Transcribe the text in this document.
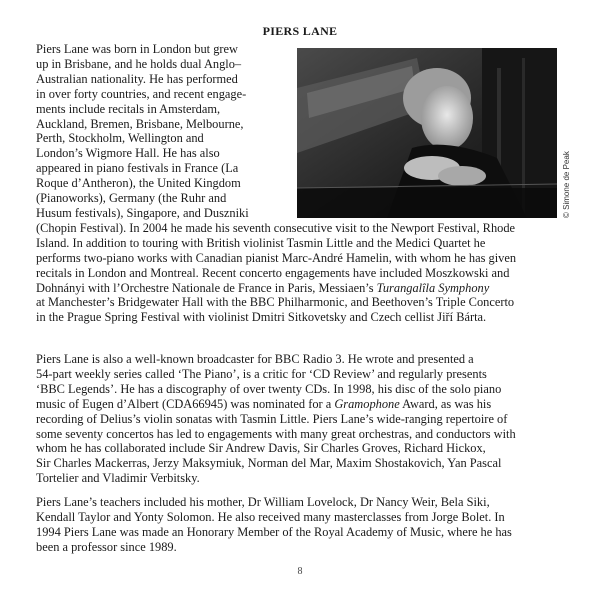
PIERS LANE
© Simone de Peak
Piers Lane was born in London but grew
up in Brisbane, and he holds dual Anglo–
Australian nationality. He has performed
in over forty countries, and recent engage-
ments include recitals in Amsterdam,
Auckland, Bremen, Brisbane, Melbourne,
Perth, Stockholm, Wellington and
London’s Wigmore Hall. He has also
appeared in piano festivals in France (La
Roque d’Antheron), the United Kingdom
(Pianoworks), Germany (the Ruhr and
Husum festivals), Singapore, and Duszniki
(Chopin Festival). In 2004 he made his seventh consecutive visit to the Newport Festival, Rhode
Island. In addition to touring with British violinist Tasmin Little and the Medici Quartet he
performs two-piano works with Canadian pianist Marc-André Hamelin, with whom he has given
recitals in London and Montreal. Recent concerto engagements have included Moszkowski and
Dohnányi with l’Orchestre Nationale de France in Paris, Messiaen’s Turangalîla Symphony
at Manchester’s Bridgewater Hall with the BBC Philharmonic, and Beethoven’s Triple Concerto
in the Prague Spring Festival with violinist Dmitri Sitkovetsky and Czech cellist Jiří Bárta.
Piers Lane is also a well-known broadcaster for BBC Radio 3. He wrote and presented a
54-part weekly series called ‘The Piano’, is a critic for ‘CD Review’ and regularly presents
‘BBC Legends’. He has a discography of over twenty CDs. In 1998, his disc of the solo piano
music of Eugen d’Albert (CDA66945) was nominated for a Gramophone Award, as was his
recording of Delius’s violin sonatas with Tasmin Little. Piers Lane’s wide-ranging repertoire of
some seventy concertos has led to engagements with many great orchestras, and conductors with
whom he has collaborated include Sir Andrew Davis, Sir Charles Groves, Richard Hickox,
Sir Charles Mackerras, Jerzy Maksymiuk, Norman del Mar, Maxim Shostakovich, Yan Pascal
Tortelier and Vladimir Verbitsky.
Piers Lane’s teachers included his mother, Dr William Lovelock, Dr Nancy Weir, Bela Siki,
Kendall Taylor and Yonty Solomon. He also received many masterclasses from Jorge Bolet. In
1994 Piers Lane was made an Honorary Member of the Royal Academy of Music, where he has
been a professor since 1989.
8
